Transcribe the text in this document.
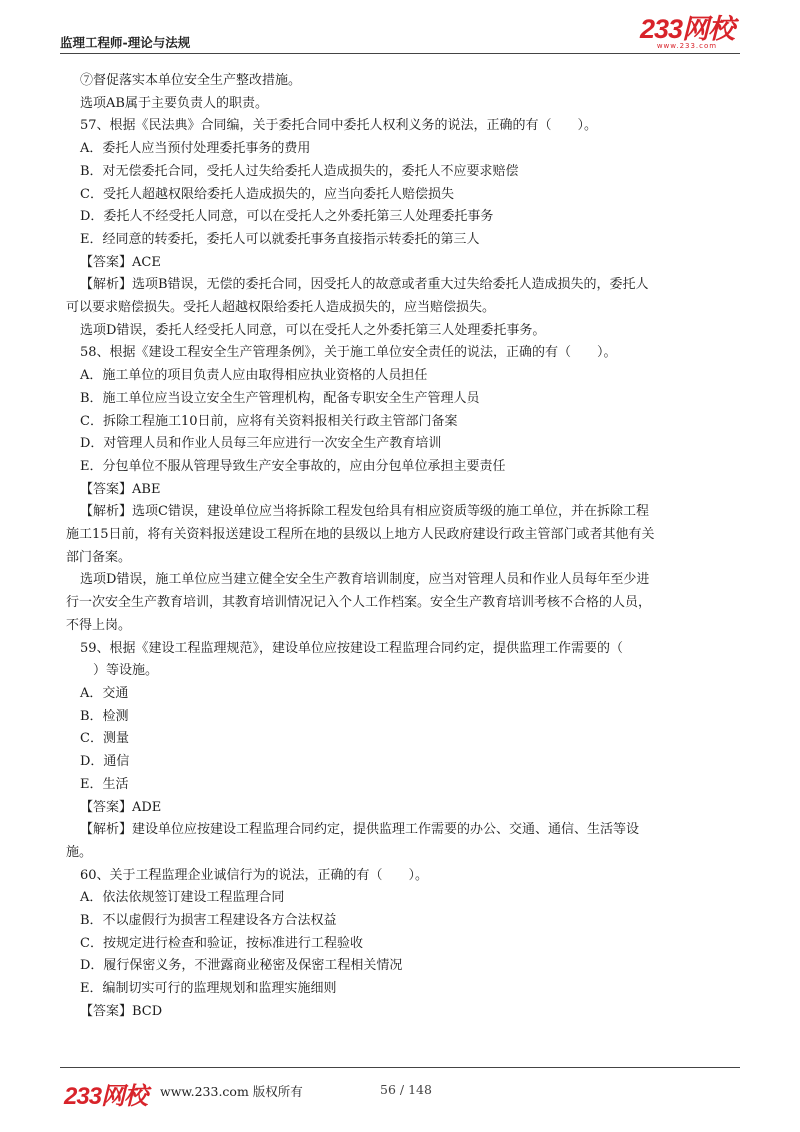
监理工程师-理论与法规	233网校
www.233.com

⑦督促落实本单位安全生产整改措施。

选项AB属于主要负责人的职责。

57、根据《民法典》合同编，关于委托合同中委托人权利义务的说法，正确的有（　　）。

A．委托人应当预付处理委托事务的费用

B．对无偿委托合同，受托人过失给委托人造成损失的，委托人不应要求赔偿

C．受托人超越权限给委托人造成损失的，应当向委托人赔偿损失

D．委托人不经受托人同意，可以在受托人之外委托第三人处理委托事务

E．经同意的转委托，委托人可以就委托事务直接指示转委托的第三人

【答案】ACE

【解析】选项B错误，无偿的委托合同，因受托人的故意或者重大过失给委托人造成损失的，委托人

可以要求赔偿损失。受托人超越权限给委托人造成损失的，应当赔偿损失。

选项D错误，委托人经受托人同意，可以在受托人之外委托第三人处理委托事务。

58、根据《建设工程安全生产管理条例》，关于施工单位安全责任的说法，正确的有（　　）。

A．施工单位的项目负责人应由取得相应执业资格的人员担任

B．施工单位应当设立安全生产管理机构，配备专职安全生产管理人员

C．拆除工程施工10日前，应将有关资料报相关行政主管部门备案

D．对管理人员和作业人员每三年应进行一次安全生产教育培训

E．分包单位不服从管理导致生产安全事故的，应由分包单位承担主要责任

【答案】ABE

【解析】选项C错误，建设单位应当将拆除工程发包给具有相应资质等级的施工单位，并在拆除工程

施工15日前，将有关资料报送建设工程所在地的县级以上地方人民政府建设行政主管部门或者其他有关

部门备案。

选项D错误，施工单位应当建立健全安全生产教育培训制度，应当对管理人员和作业人员每年至少进

行一次安全生产教育培训，其教育培训情况记入个人工作档案。安全生产教育培训考核不合格的人员，

不得上岗。

59、根据《建设工程监理规范》，建设单位应按建设工程监理合同约定，提供监理工作需要的（

　）等设施。

A．交通

B．检测

C．测量

D．通信

E．生活

【答案】ADE

【解析】建设单位应按建设工程监理合同约定，提供监理工作需要的办公、交通、通信、生活等设

施。

60、关于工程监理企业诚信行为的说法，正确的有（　　）。

A．依法依规签订建设工程监理合同

B．不以虚假行为损害工程建设各方合法权益

C．按规定进行检查和验证，按标准进行工程验收

D．履行保密义务，不泄露商业秘密及保密工程相关情况

E．编制切实可行的监理规划和监理实施细则

【答案】BCD

233网校 www.233.com 版权所有	56 / 148
